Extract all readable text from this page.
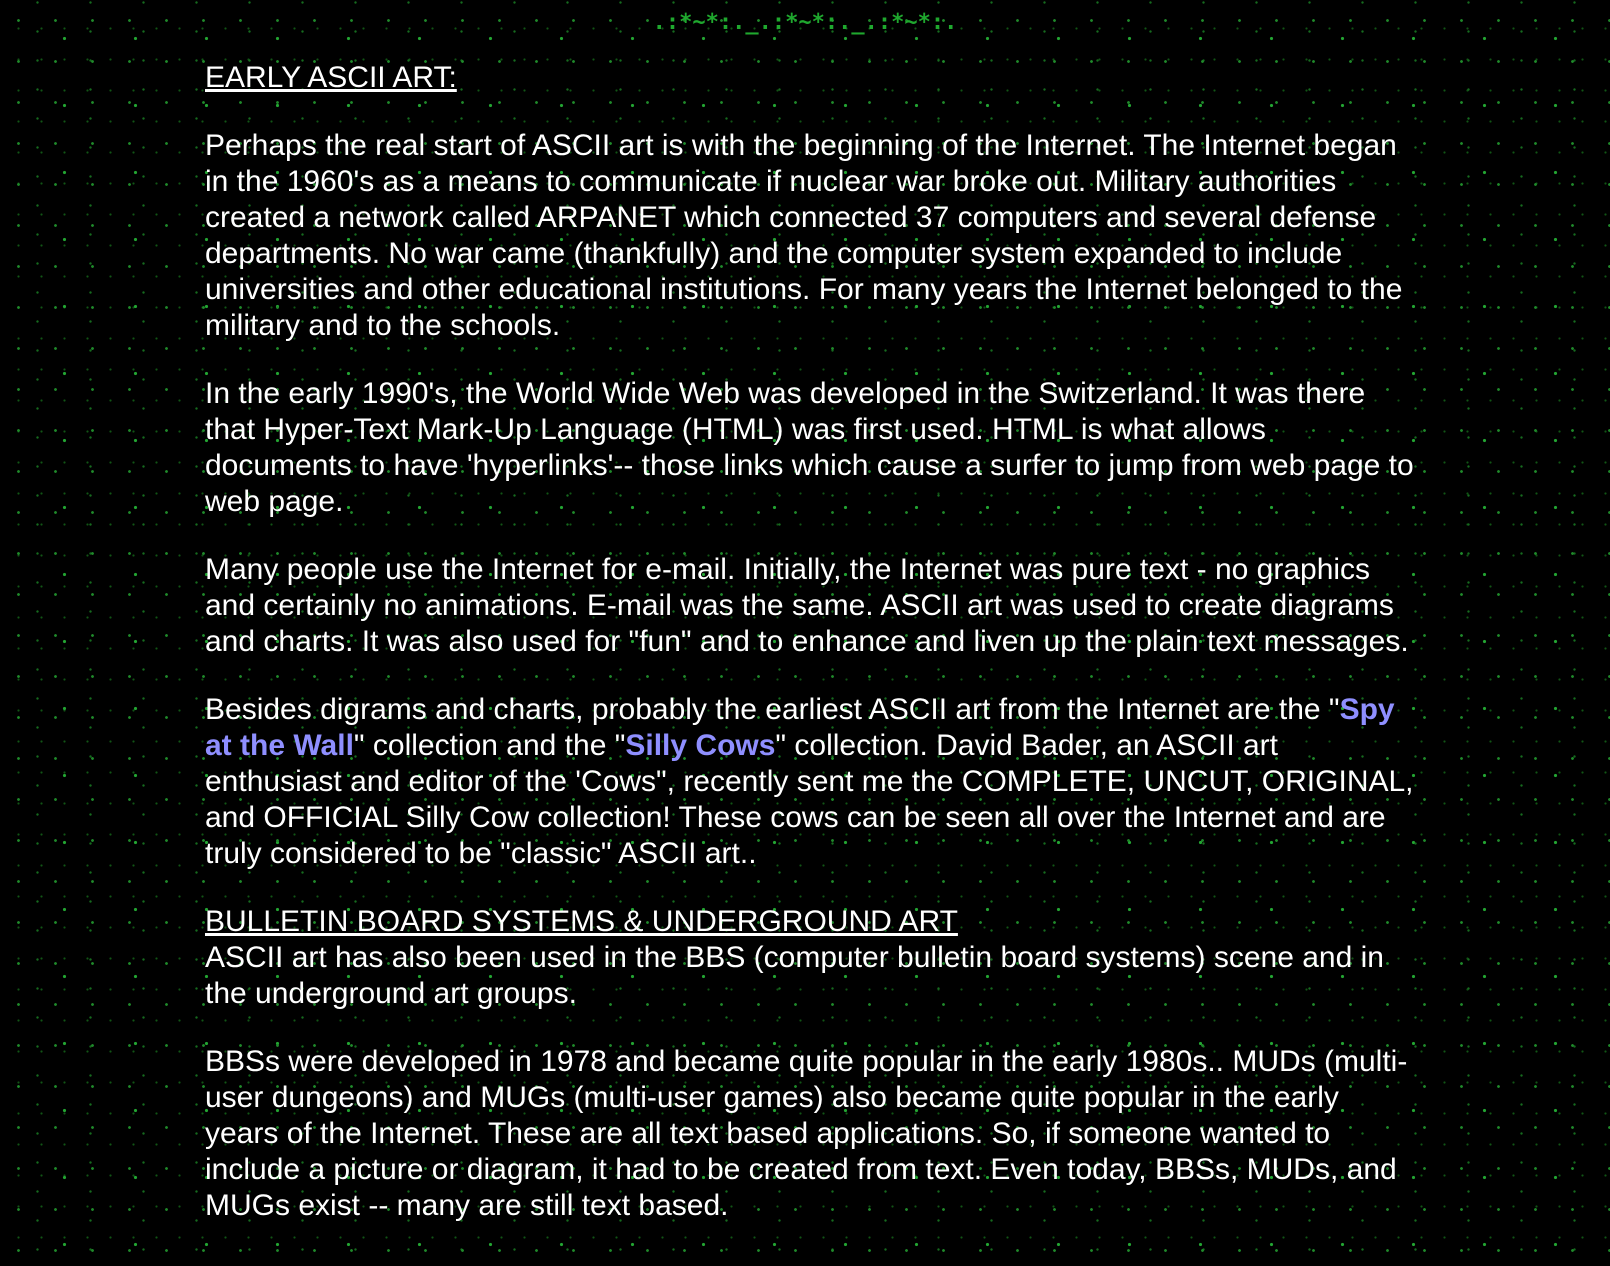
.:*~*:._.:*~*:._.:*~*:.

EARLY ASCII ART:

Perhaps the real start of ASCII art is with the beginning of the Internet. The Internet began in the 1960's as a means to communicate if nuclear war broke out. Military authorities created a network called ARPANET which connected 37 computers and several defense departments. No war came (thankfully) and the computer system expanded to include universities and other educational institutions. For many years the Internet belonged to the military and to the schools.

In the early 1990's, the World Wide Web was developed in the Switzerland. It was there that Hyper-Text Mark-Up Language (HTML) was first used. HTML is what allows documents to have 'hyperlinks'-- those links which cause a surfer to jump from web page to web page.

Many people use the Internet for e-mail. Initially, the Internet was pure text - no graphics and certainly no animations. E-mail was the same. ASCII art was used to create diagrams and charts. It was also used for "fun" and to enhance and liven up the plain text messages.

Besides digrams and charts, probably the earliest ASCII art from the Internet are the "Spy at the Wall" collection and the "Silly Cows" collection. David Bader, an ASCII art enthusiast and editor of the 'Cows", recently sent me the COMPLETE, UNCUT, ORIGINAL, and OFFICIAL Silly Cow collection! These cows can be seen all over the Internet and are truly considered to be "classic" ASCII art..

BULLETIN BOARD SYSTEMS & UNDERGROUND ART
ASCII art has also been used in the BBS (computer bulletin board systems) scene and in the underground art groups.

BBSs were developed in 1978 and became quite popular in the early 1980s.. MUDs (multi-user dungeons) and MUGs (multi-user games) also became quite popular in the early years of the Internet. These are all text based applications. So, if someone wanted to include a picture or diagram, it had to be created from text. Even today, BBSs, MUDs, and MUGs exist -- many are still text based.
